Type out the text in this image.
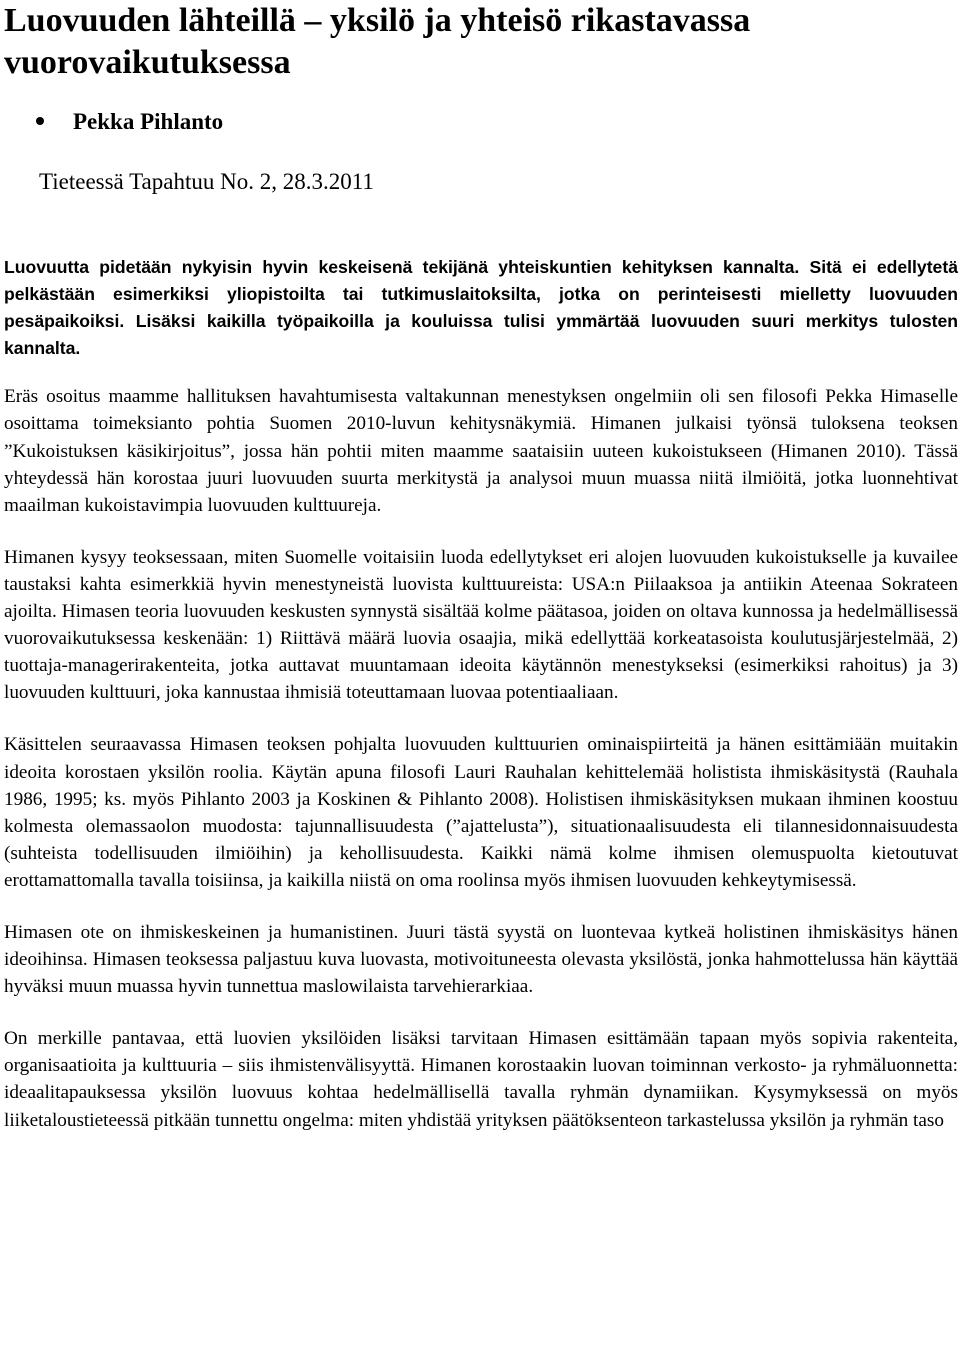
Luovuuden lähteillä – yksilö ja yhteisö rikastavassa vuorovaikutuksessa
Pekka Pihlanto
Tieteessä Tapahtuu No. 2, 28.3.2011

Luovuutta pidetään nykyisin hyvin keskeisenä tekijänä yhteiskuntien kehityksen kannalta. Sitä ei edellytetä pelkästään esimerkiksi yliopistoilta tai tutkimuslaitoksilta, jotka on perinteisesti mielletty luovuuden pesäpaikoiksi. Lisäksi kaikilla työpaikoilla ja kouluissa tulisi ymmärtää luovuuden suuri merkitys tulosten kannalta.

Eräs osoitus maamme hallituksen havahtumisesta valtakunnan menestyksen ongelmiin oli sen filosofi Pekka Himaselle osoittama toimeksianto pohtia Suomen 2010-luvun kehitysnäkymiä. Himanen julkaisi työnsä tuloksena teoksen ”Kukoistuksen käsikirjoitus”, jossa hän pohtii miten maamme saataisiin uuteen kukoistukseen (Himanen 2010). Tässä yhteydessä hän korostaa juuri luovuuden suurta merkitystä ja analysoi muun muassa niitä ilmiöitä, jotka luonnehtivat maailman kukoistavimpia luovuuden kulttuureja.

Himanen kysyy teoksessaan, miten Suomelle voitaisiin luoda edellytykset eri alojen luovuuden kukoistukselle ja kuvailee taustaksi kahta esimerkkiä hyvin menestyneistä luovista kulttuureista: USA:n Piilaaksoa ja antiikin Ateenaa Sokrateen ajoilta. Himasen teoria luovuuden keskusten synnystä sisältää kolme päätasoa, joiden on oltava kunnossa ja hedelmällisessä vuorovaikutuksessa keskenään: 1) Riittävä määrä luovia osaajia, mikä edellyttää korkeatasoista koulutusjärjestelmää, 2) tuottaja-managerirakenteita, jotka auttavat muuntamaan ideoita käytännön menestykseksi (esimerkiksi rahoitus) ja 3) luovuuden kulttuuri, joka kannustaa ihmisiä toteuttamaan luovaa potentiaaliaan.

Käsittelen seuraavassa Himasen teoksen pohjalta luovuuden kulttuurien ominaispiirteitä ja hänen esittämiään muitakin ideoita korostaen yksilön roolia. Käytän apuna filosofi Lauri Rauhalan kehittelemää holistista ihmiskäsitystä (Rauhala 1986, 1995; ks. myös Pihlanto 2003 ja Koskinen & Pihlanto 2008). Holistisen ihmiskäsityksen mukaan ihminen koostuu kolmesta olemassaolon muodosta: tajunnallisuudesta (”ajattelusta”), situationaalisuudesta eli tilannesidonnaisuudesta (suhteista todellisuuden ilmiöihin) ja kehollisuudesta. Kaikki nämä kolme ihmisen olemuspuolta kietoutuvat erottamattomalla tavalla toisiinsa, ja kaikilla niistä on oma roolinsa myös ihmisen luovuuden kehkeytymisessä.

Himasen ote on ihmiskeskeinen ja humanistinen. Juuri tästä syystä on luontevaa kytkeä holistinen ihmiskäsitys hänen ideoihinsa. Himasen teoksessa paljastuu kuva luovasta, motivoituneesta olevasta yksilöstä, jonka hahmottelussa hän käyttää hyväksi muun muassa hyvin tunnettua maslowilaista tarvehierarkiaa.

On merkille pantavaa, että luovien yksilöiden lisäksi tarvitaan Himasen esittämään tapaan myös sopivia rakenteita, organisaatioita ja kulttuuria – siis ihmistenvälisyyttä. Himanen korostaakin luovan toiminnan verkosto- ja ryhmäluonnetta: ideaalitapauksessa yksilön luovuus kohtaa hedelmällisellä tavalla ryhmän dynamiikan. Kysymyksessä on myös liiketaloustieteessä pitkään tunnettu ongelma: miten yhdistää yrityksen päätöksenteon tarkastelussa yksilön ja ryhmän taso
